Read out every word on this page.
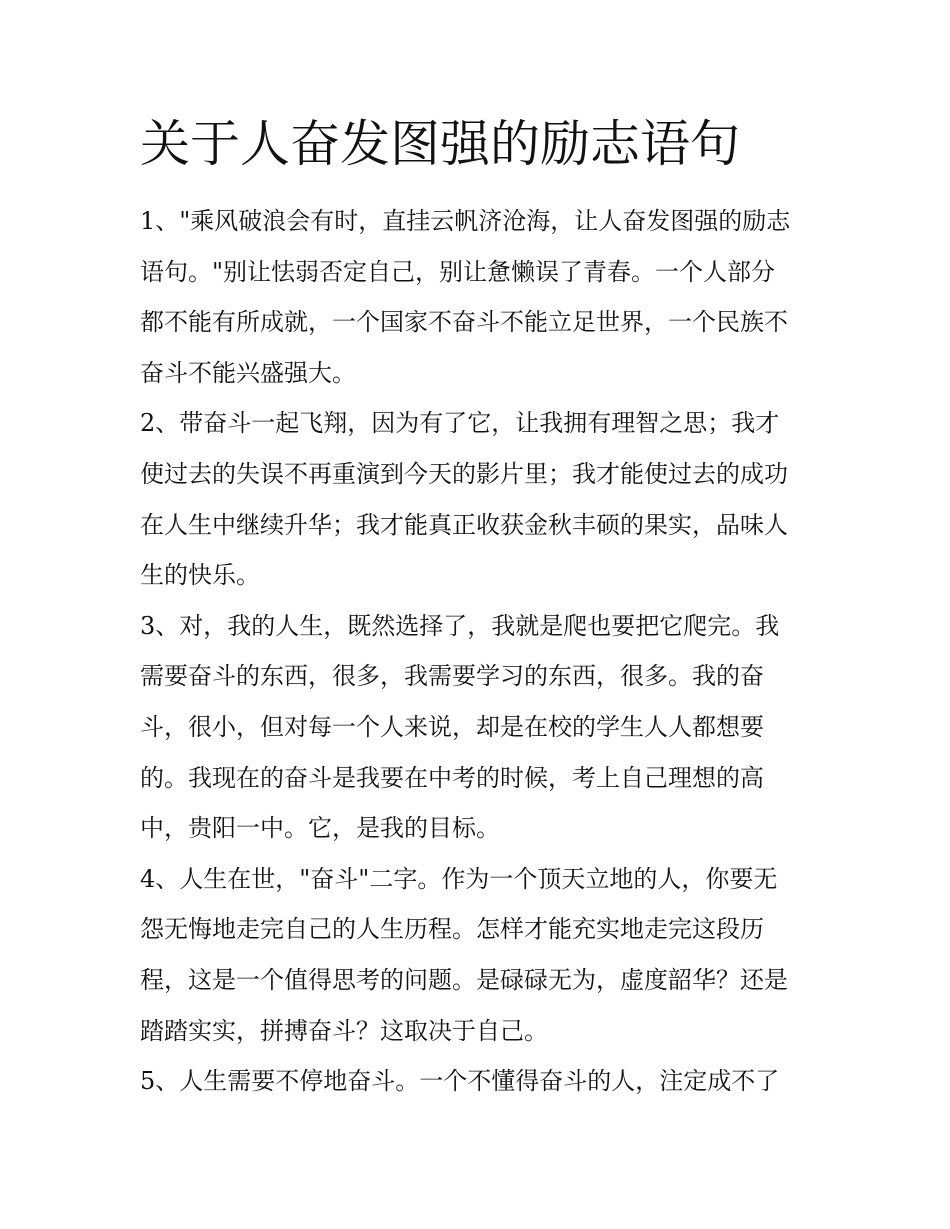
关于人奋发图强的励志语句
1、"乘风破浪会有时，直挂云帆济沧海，让人奋发图强的励志
语句。"别让怯弱否定自己，别让惫懒误了青春。一个人部分
都不能有所成就，一个国家不奋斗不能立足世界，一个民族不
奋斗不能兴盛强大。
2、带奋斗一起飞翔，因为有了它，让我拥有理智之思；我才
使过去的失误不再重演到今天的影片里；我才能使过去的成功
在人生中继续升华；我才能真正收获金秋丰硕的果实，品味人
生的快乐。
3、对，我的人生，既然选择了，我就是爬也要把它爬完。我
需要奋斗的东西，很多，我需要学习的东西，很多。我的奋
斗，很小，但对每一个人来说，却是在校的学生人人都想要
的。我现在的奋斗是我要在中考的时候，考上自己理想的高
中，贵阳一中。它，是我的目标。
4、人生在世，"奋斗"二字。作为一个顶天立地的人，你要无
怨无悔地走完自己的人生历程。怎样才能充实地走完这段历
程，这是一个值得思考的问题。是碌碌无为，虚度韶华？还是
踏踏实实，拼搏奋斗？这取决于自己。
5、人生需要不停地奋斗。一个不懂得奋斗的人，注定成不了
